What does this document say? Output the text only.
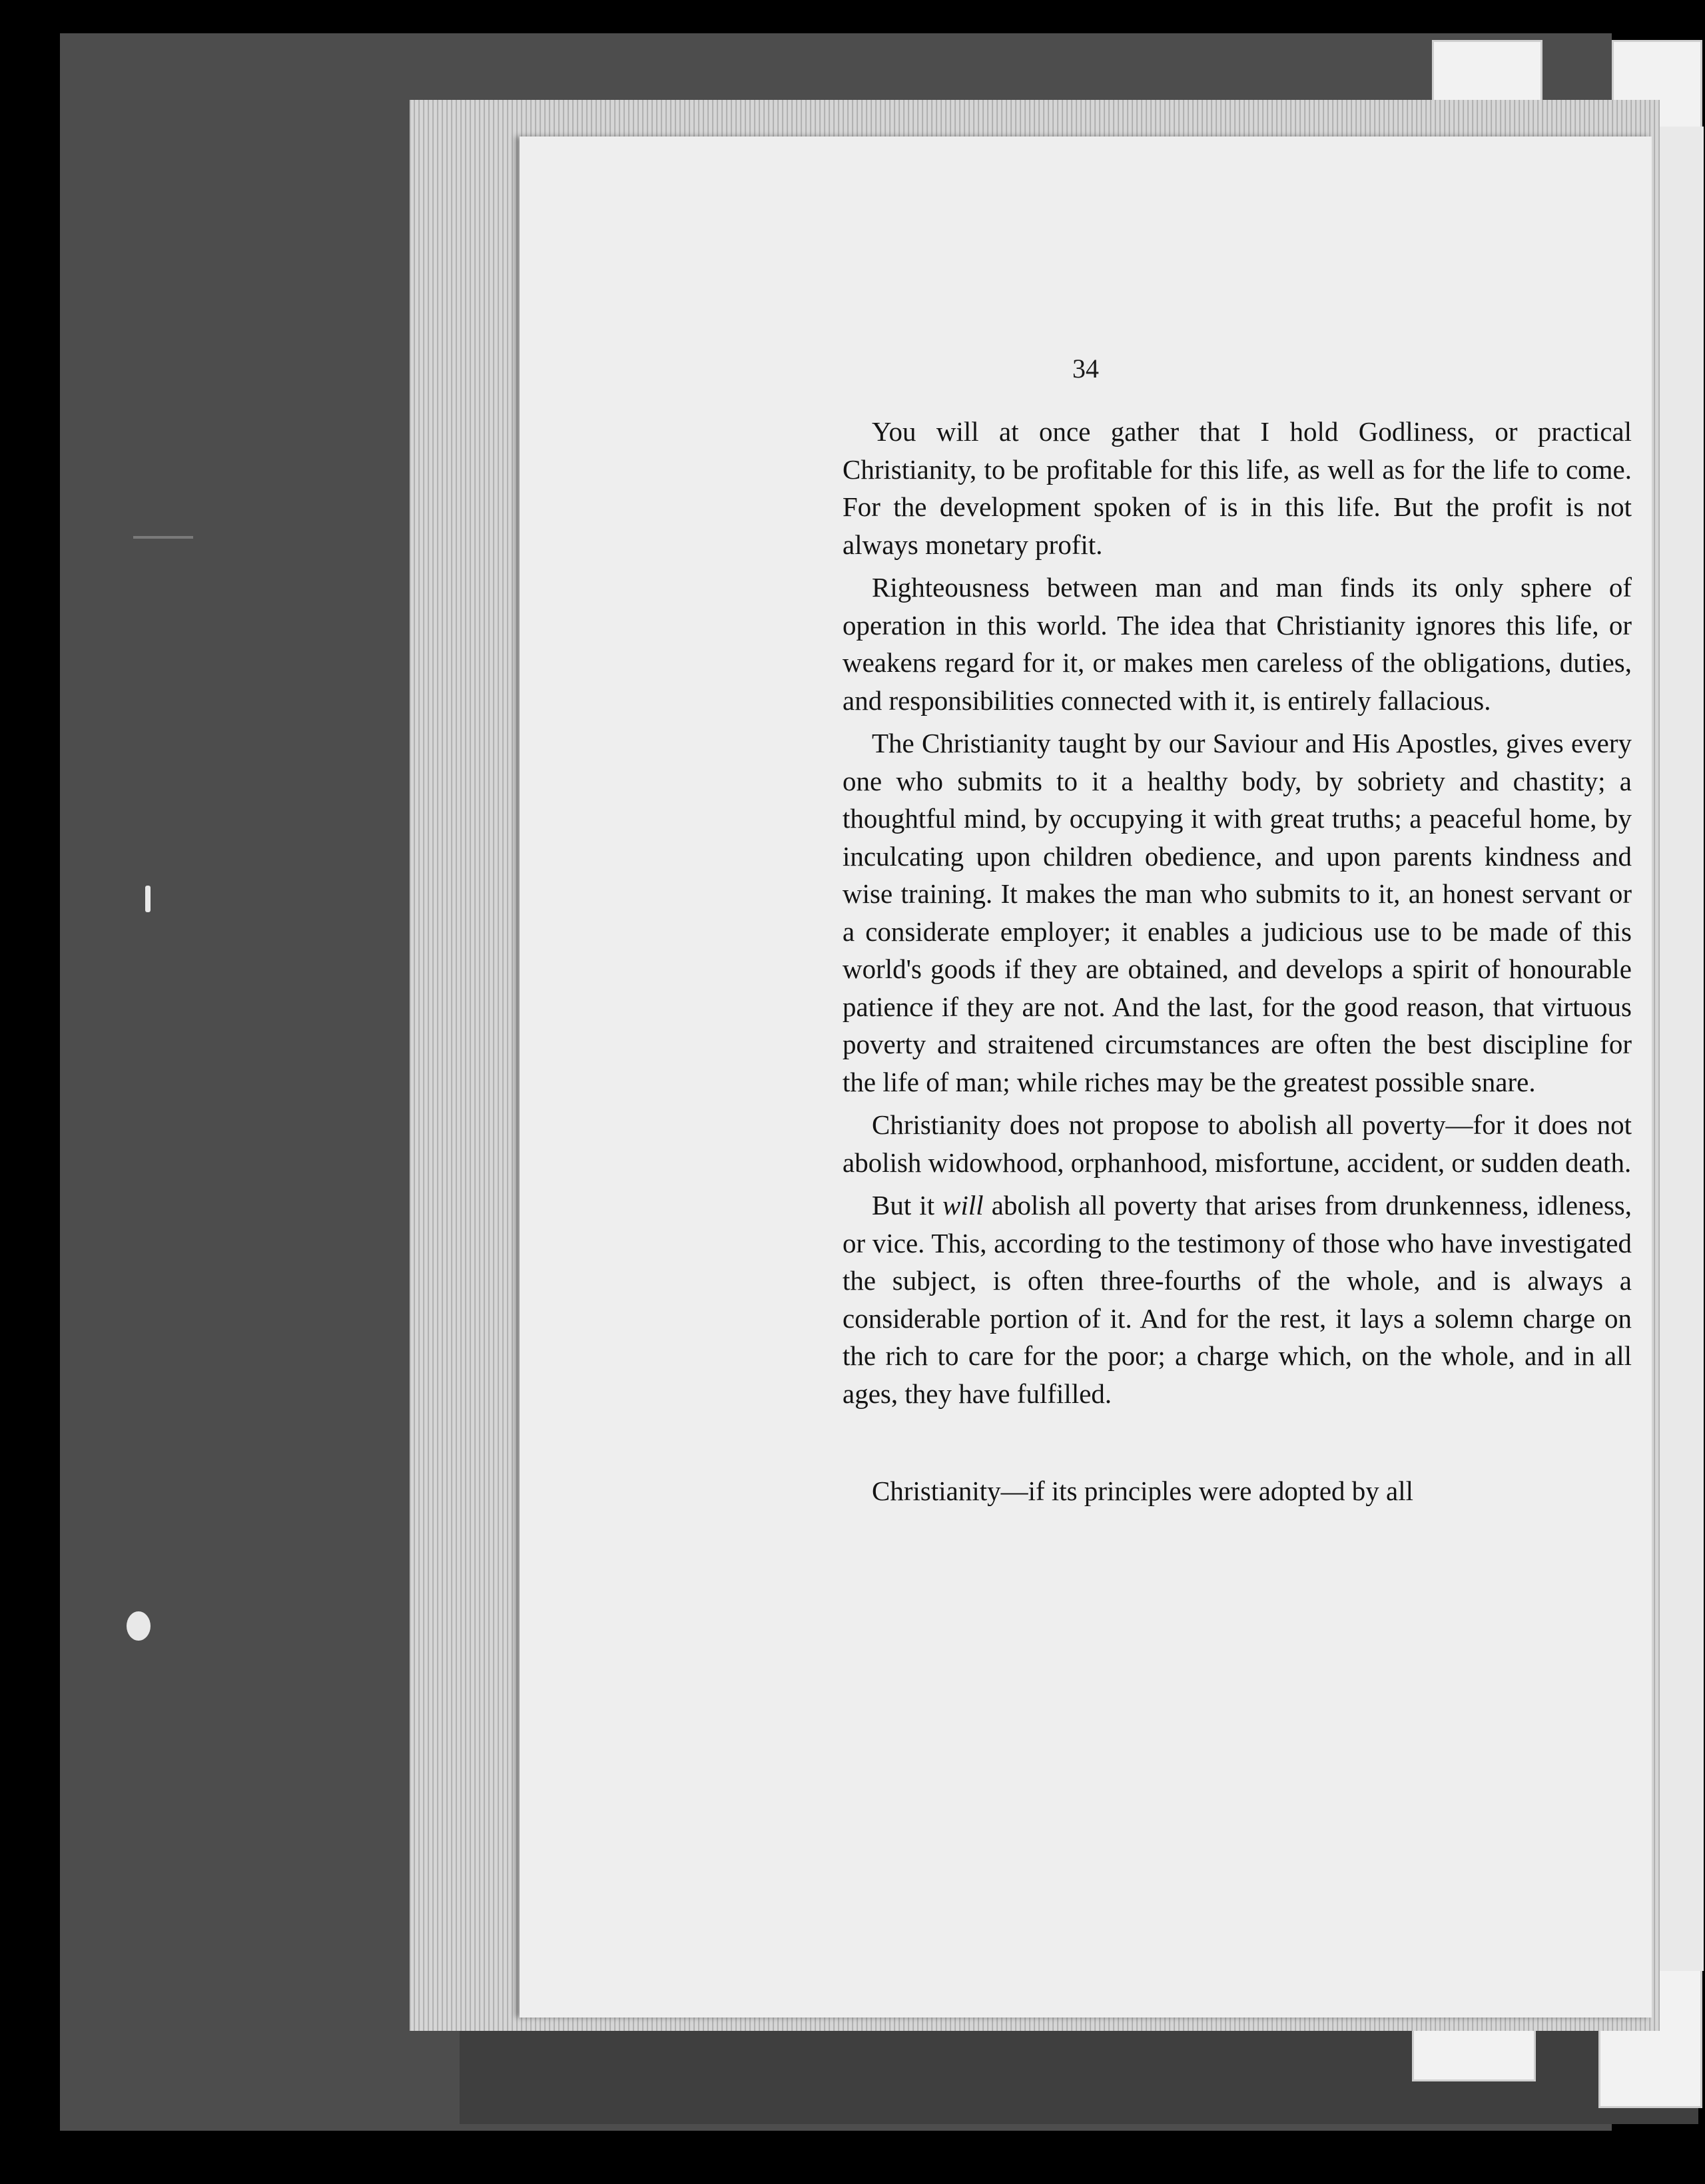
34

You will at once gather that I hold Godliness, or practical Christianity, to be profitable for this life, as well as for the life to come. For the development spoken of is in this life. But the profit is not always monetary profit.

Righteousness between man and man finds its only sphere of operation in this world. The idea that Christianity ignores this life, or weakens regard for it, or makes men careless of the obligations, duties, and responsibilities connected with it, is entirely fallacious.

The Christianity taught by our Saviour and His Apostles, gives every one who submits to it a healthy body, by sobriety and chastity; a thoughtful mind, by occupying it with great truths; a peaceful home, by inculcating upon children obedience, and upon parents kindness and wise training. It makes the man who submits to it, an honest servant or a considerate employer; it enables a judicious use to be made of this world's goods if they are obtained, and develops a spirit of honourable patience if they are not. And the last, for the good reason, that virtuous poverty and straitened circumstances are often the best discipline for the life of man; while riches may be the greatest possible snare.

Christianity does not propose to abolish all poverty—for it does not abolish widowhood, orphanhood, misfortune, accident, or sudden death.

But it will abolish all poverty that arises from drunkenness, idleness, or vice. This, according to the testimony of those who have investigated the subject, is often three-fourths of the whole, and is always a considerable portion of it. And for the rest, it lays a solemn charge on the rich to care for the poor; a charge which, on the whole, and in all ages, they have fulfilled.

Christianity—if its principles were adopted by all
